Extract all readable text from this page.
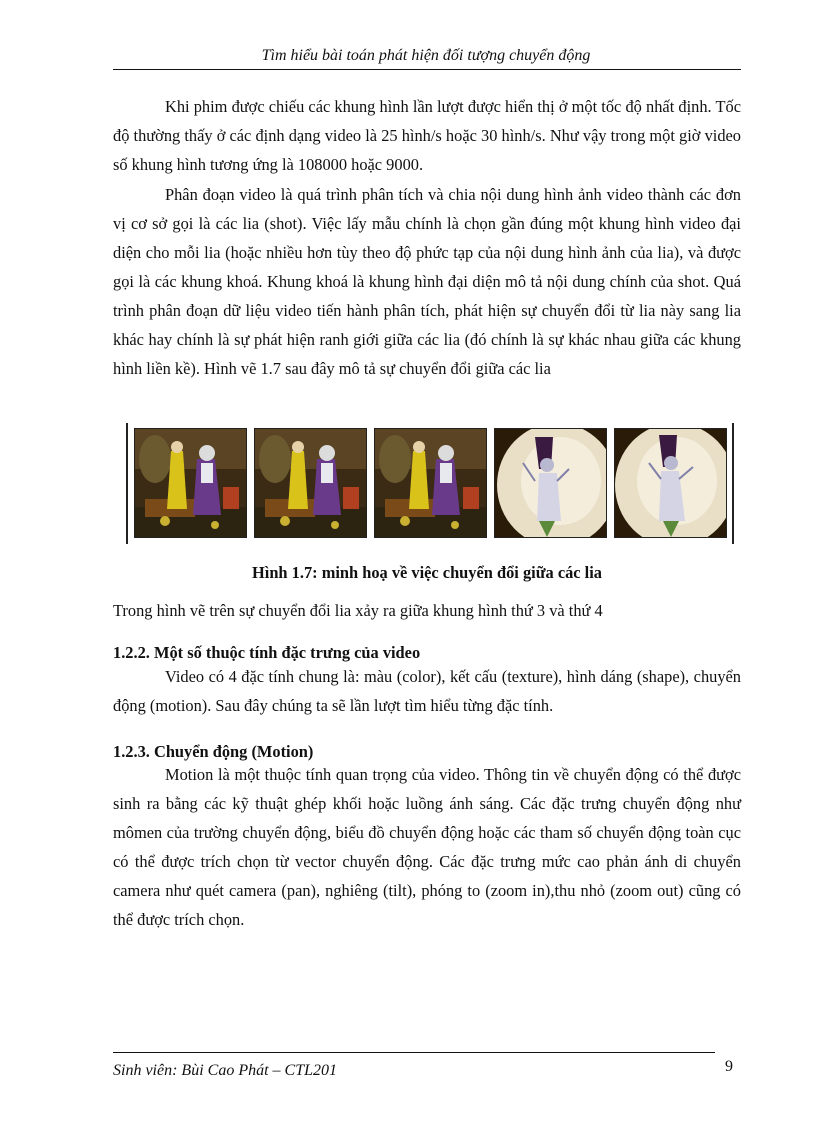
Tìm hiểu bài toán phát hiện đối tượng chuyển động

Khi phim được chiếu các khung hình lần lượt được hiển thị ở một tốc độ nhất định. Tốc độ thường thấy ở các định dạng video là 25 hình/s hoặc 30 hình/s. Như vậy trong một giờ video số khung hình tương ứng là 108000 hoặc 9000.

Phân đoạn video là quá trình phân tích và chia nội dung hình ảnh video thành các đơn vị cơ sở gọi là các lia (shot). Việc lấy mẫu chính là chọn gần đúng một khung hình video đại diện cho mỗi lia (hoặc nhiều hơn tùy theo độ phức tạp của nội dung hình ảnh của lia), và được gọi là các khung khoá. Khung khoá là khung hình đại diện mô tả nội dung chính của shot. Quá trình phân đoạn dữ liệu video tiến hành phân tích, phát hiện sự chuyển đổi từ lia này sang lia khác hay chính là sự phát hiện ranh giới giữa các lia (đó chính là sự khác nhau giữa các khung hình liền kề). Hình vẽ 1.7 sau đây mô tả sự chuyển đổi giữa các lia

Hình 1.7: minh hoạ về việc chuyển đổi giữa các lia

Trong hình vẽ trên sự chuyển đổi lia xảy ra giữa khung hình thứ 3 và thứ 4

1.2.2. Một số thuộc tính đặc trưng của video

Video có 4 đặc tính chung là: màu (color), kết cấu (texture), hình dáng (shape), chuyển động (motion). Sau đây chúng ta sẽ lần lượt tìm hiểu từng đặc tính.

1.2.3. Chuyển động (Motion)

Motion là một thuộc tính quan trọng của video. Thông tin về chuyển động có thể được sinh ra bằng các kỹ thuật ghép khối hoặc luồng ánh sáng. Các đặc trưng chuyển động như mômen của trường chuyển động, biểu đồ chuyển động hoặc các tham số chuyển động toàn cục có thể được trích chọn từ vector chuyển động. Các đặc trưng mức cao phản ánh di chuyển camera như quét camera (pan), nghiêng (tilt), phóng to (zoom in),thu nhỏ (zoom out) cũng có thể được trích chọn.

Sinh viên: Bùi Cao Phát – CTL201	9
